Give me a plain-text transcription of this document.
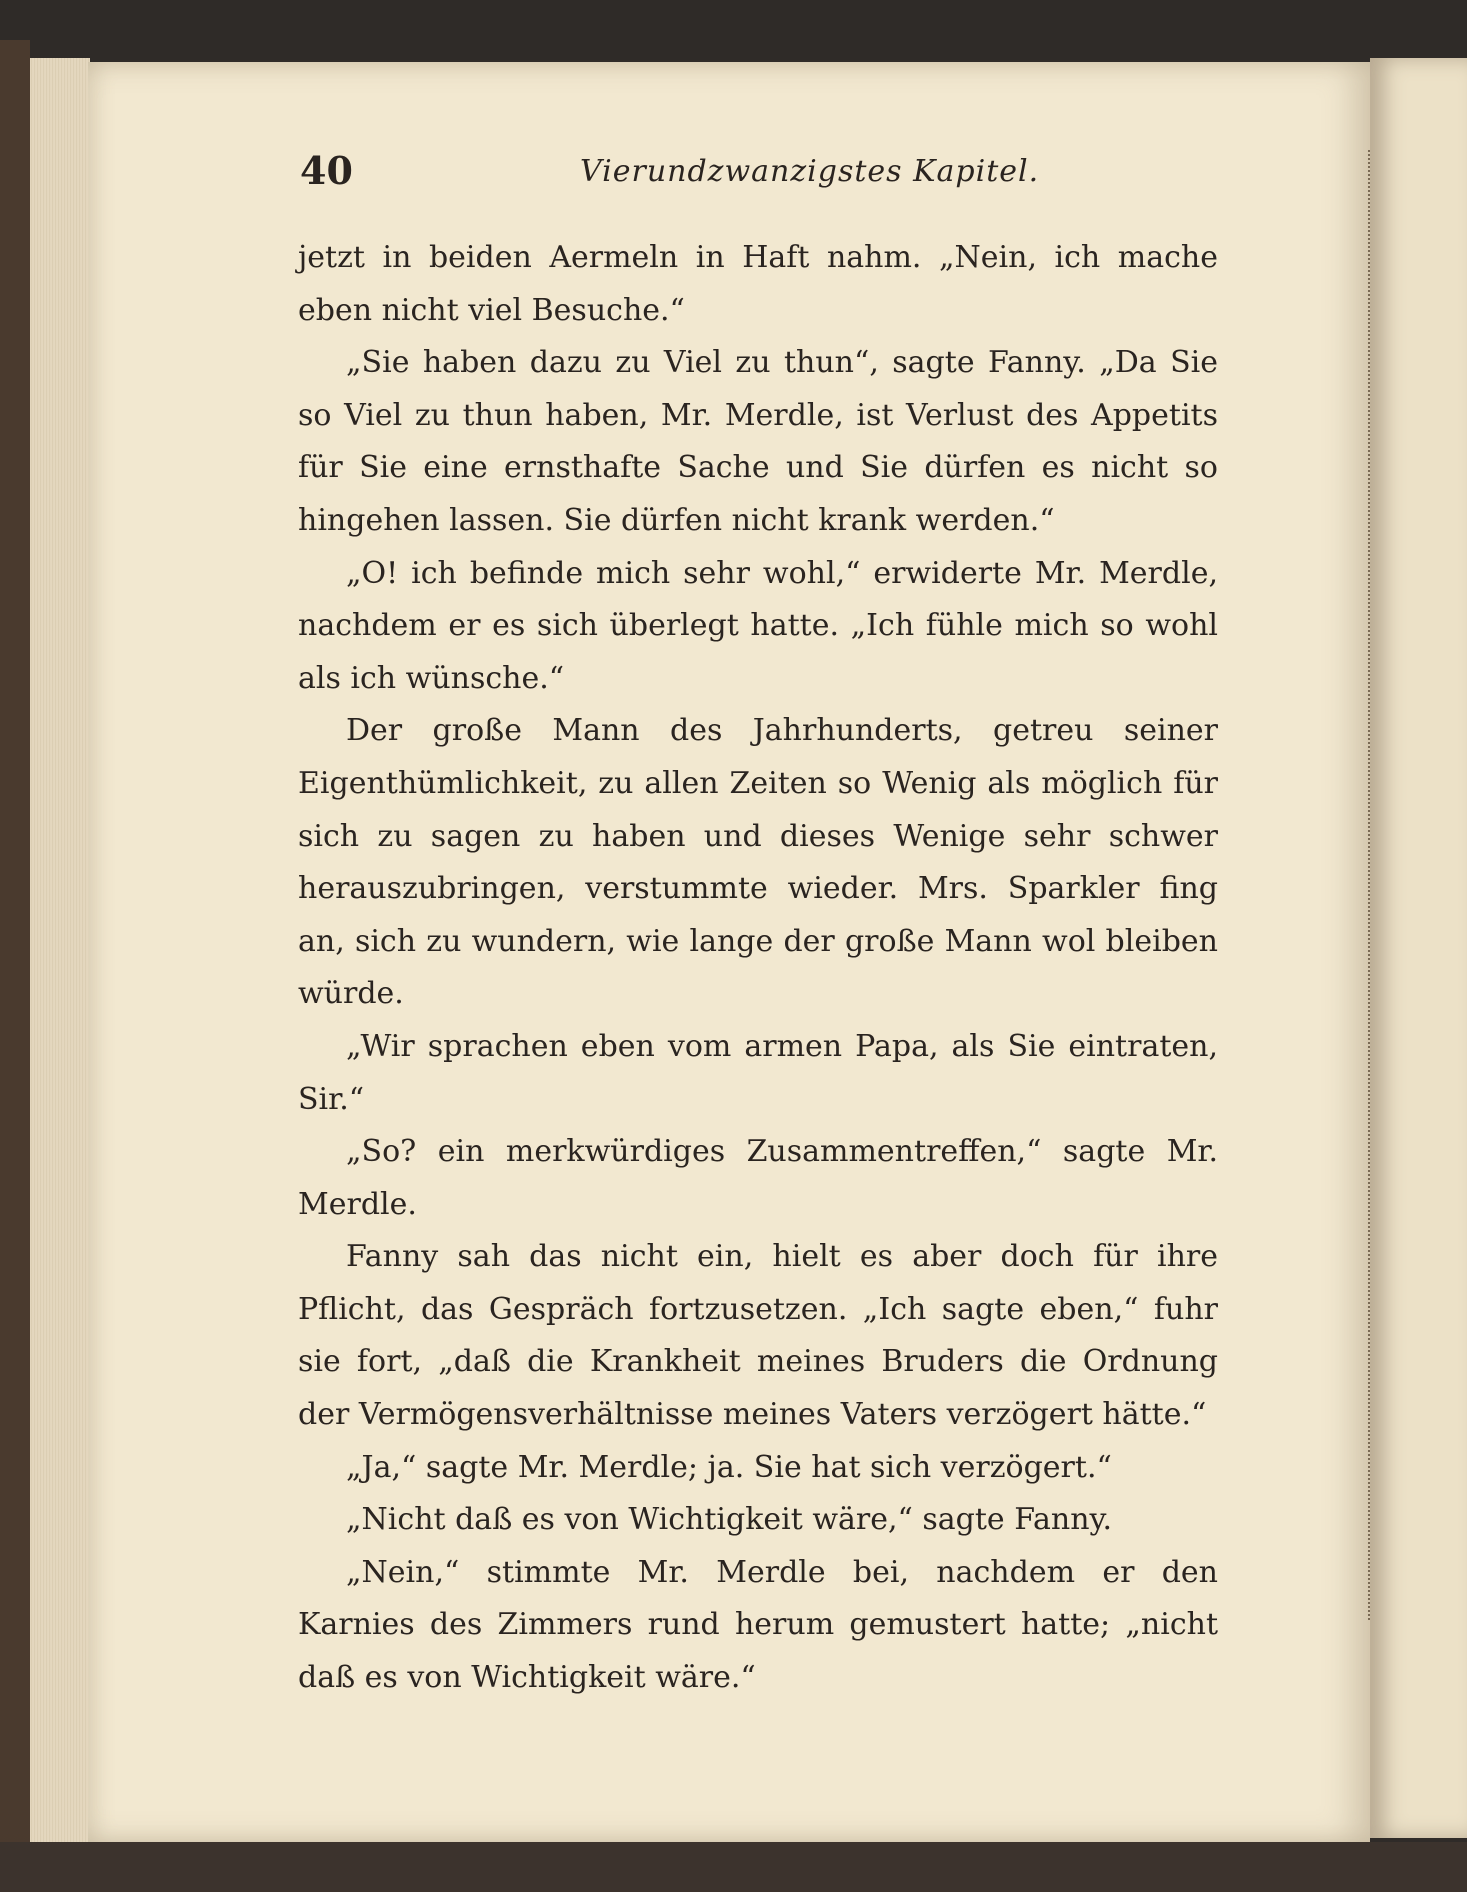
40	Vierundzwanzigstes Kapitel.

jetzt in beiden Aermeln in Haft nahm. „Nein, ich mache eben nicht viel Besuche.“

„Sie haben dazu zu Viel zu thun“, sagte Fanny. „Da Sie so Viel zu thun haben, Mr. Merdle, ist Verlust des Appetits für Sie eine ernsthafte Sache und Sie dürfen es nicht so hingehen lassen. Sie dürfen nicht krank werden.“

„O! ich befinde mich sehr wohl,“ erwiderte Mr. Merdle, nachdem er es sich überlegt hatte. „Ich fühle mich so wohl als ich wünsche.“

Der große Mann des Jahrhunderts, getreu seiner Eigenthümlichkeit, zu allen Zeiten so Wenig als möglich für sich zu sagen zu haben und dieses Wenige sehr schwer herauszubringen, verstummte wieder. Mrs. Sparkler fing an, sich zu wundern, wie lange der große Mann wol bleiben würde.

„Wir sprachen eben vom armen Papa, als Sie eintraten, Sir.“

„So? ein merkwürdiges Zusammentreffen,“ sagte Mr. Merdle.

Fanny sah das nicht ein, hielt es aber doch für ihre Pflicht, das Gespräch fortzusetzen. „Ich sagte eben,“ fuhr sie fort, „daß die Krankheit meines Bruders die Ordnung der Vermögensverhältnisse meines Vaters verzögert hätte.“

„Ja,“ sagte Mr. Merdle; ja. Sie hat sich verzögert.“

„Nicht daß es von Wichtigkeit wäre,“ sagte Fanny.

„Nein,“ stimmte Mr. Merdle bei, nachdem er den Karnies des Zimmers rund herum gemustert hatte; „nicht daß es von Wichtigkeit wäre.“
